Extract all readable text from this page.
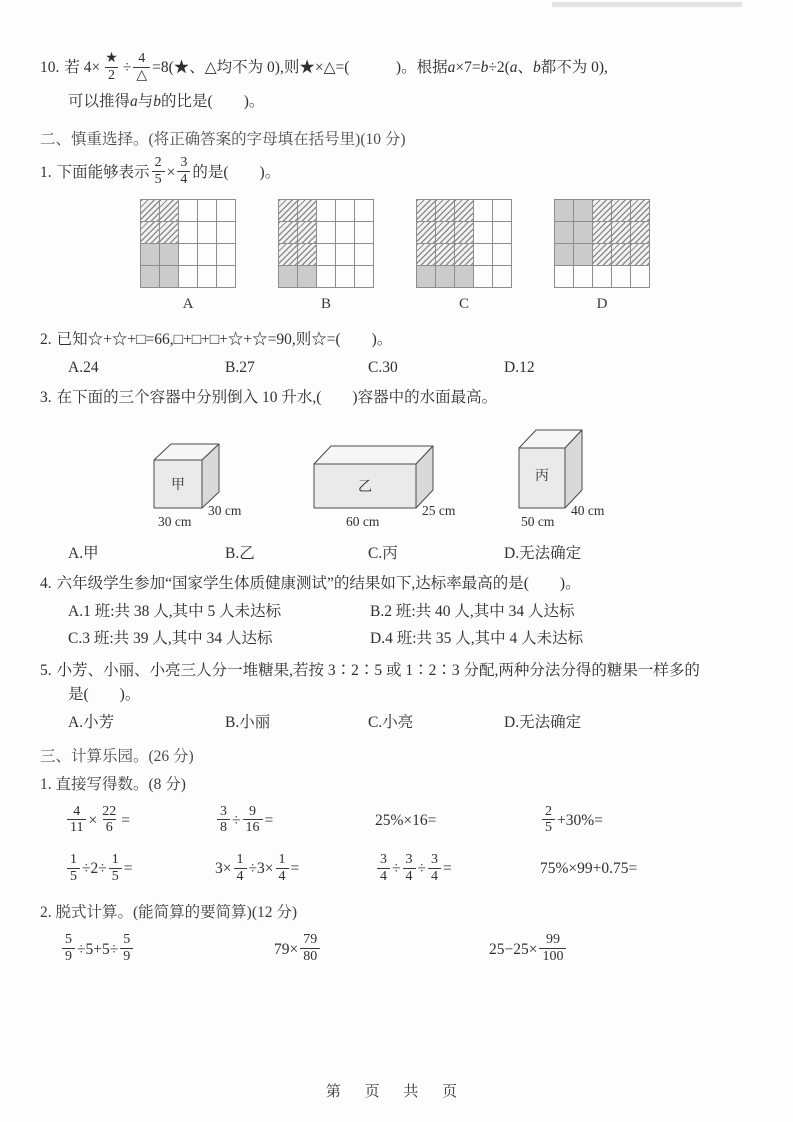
10. 若 $4\times \frac{★}{2} \div \frac{4}{\triangle}$ =8(★、△均不为 0),则★×△=(　　　)。根据 a ×7= b ÷2( a 、 b 都不为 0),
可以推得 a 与 b 的比是(　　)。
二、慎重选择。(将正确答案的字母填在括号里)(10 分)
1. 下面能够表示 $\frac{2}{5} \times \frac{3}{4}$ 的是(　　)。
A	B	C	D
2. 已知☆+☆+□=66,□+□+□+☆+☆=90,则☆=(　　)。
A.24	B.27	C.30	D.12
3. 在下面的三个容器中分别倒入 10 升水,(　　)容器中的水面最高。
甲
30 cm
30 cm
乙
60 cm
25 cm
丙
50 cm
40 cm
A.甲	B.乙	C.丙	D.无法确定
4. 六年级学生参加“国家学生体质健康测试”的结果如下,达标率最高的是(　　)。
A.1 班:共 38 人,其中 5 人未达标	B.2 班:共 40 人,其中 34 人达标
C.3 班:共 39 人,其中 34 人达标	D.4 班:共 35 人,其中 4 人未达标
5. 小芳、小丽、小亮三人分一堆糖果,若按 3∶2∶5 或 1∶2∶3 分配,两种分法分得的糖果一样多的
是(　　)。
A.小芳	B.小丽	C.小亮	D.无法确定
三、计算乐园。(26 分)
1. 直接写得数。(8 分)
$\frac{4}{11} \times \frac{22}{6}$ =	$\frac{3}{8} \div \frac{9}{16}$ =	25%×16=	$\frac{2}{5} +30\%=$
$\frac{1}{5} \div 2\div \frac{1}{5}$ =	$3\times \frac{1}{4} \div 3\times \frac{1}{4}$ =	$\frac{3}{4} \div \frac{3}{4} \div \frac{3}{4}$ =	75%×99+0.75=
2. 脱式计算。(能简算的要简算)(12 分)
$\frac{5}{9} \div 5+5\div \frac{5}{9}$	$79\times \frac{79}{80}$	$25-25\times \frac{99}{100}$
第 页 共 页
